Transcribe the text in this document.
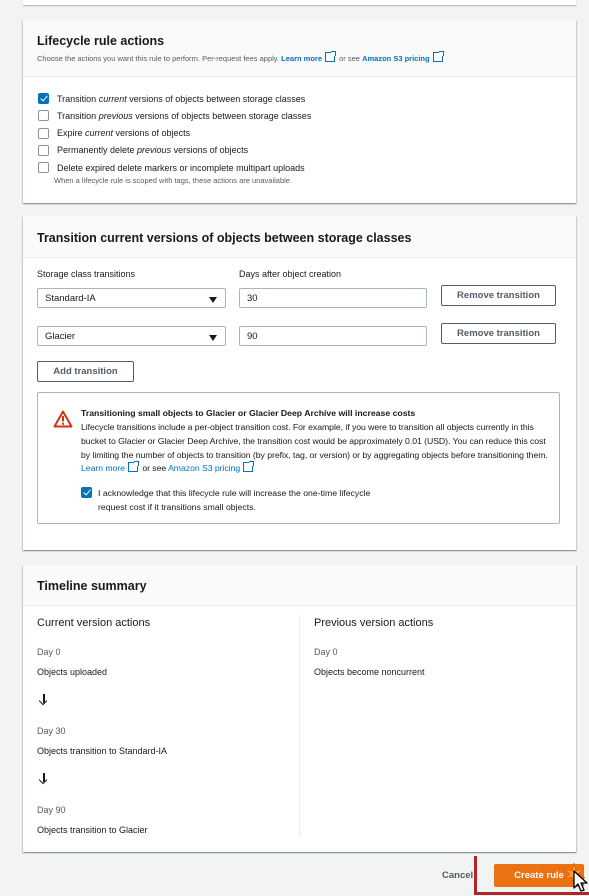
Lifecycle rule actions
Choose the actions you want this rule to perform. Per-request fees apply. Learn more or see Amazon S3 pricing
Transition current versions of objects between storage classes
Transition previous versions of objects between storage classes
Expire current versions of objects
Permanently delete previous versions of objects
Delete expired delete markers or incomplete multipart uploads
When a lifecycle rule is scoped with tags, these actions are unavailable.
Transition current versions of objects between storage classes
Storage class transitions	Days after object creation
Standard-IA	30	Remove transition
Glacier	90	Remove transition
Add transition
Transitioning small objects to Glacier or Glacier Deep Archive will increase costs
Lifecycle transitions include a per-object transition cost. For example, if you were to transition all objects currently in this bucket to Glacier or Glacier Deep Archive, the transition cost would be approximately 0.01 (USD). You can reduce this cost by limiting the number of objects to transition (by prefix, tag, or version) or by aggregating objects before transitioning them. Learn more or see Amazon S3 pricing
I acknowledge that this lifecycle rule will increase the one-time lifecycle
request cost if it transitions small objects.
Timeline summary
Current version actions	Previous version actions
Day 0
Objects uploaded
Day 30
Objects transition to Standard-IA
Day 90
Objects transition to Glacier
Day 0
Objects become noncurrent
Cancel	Create rule
